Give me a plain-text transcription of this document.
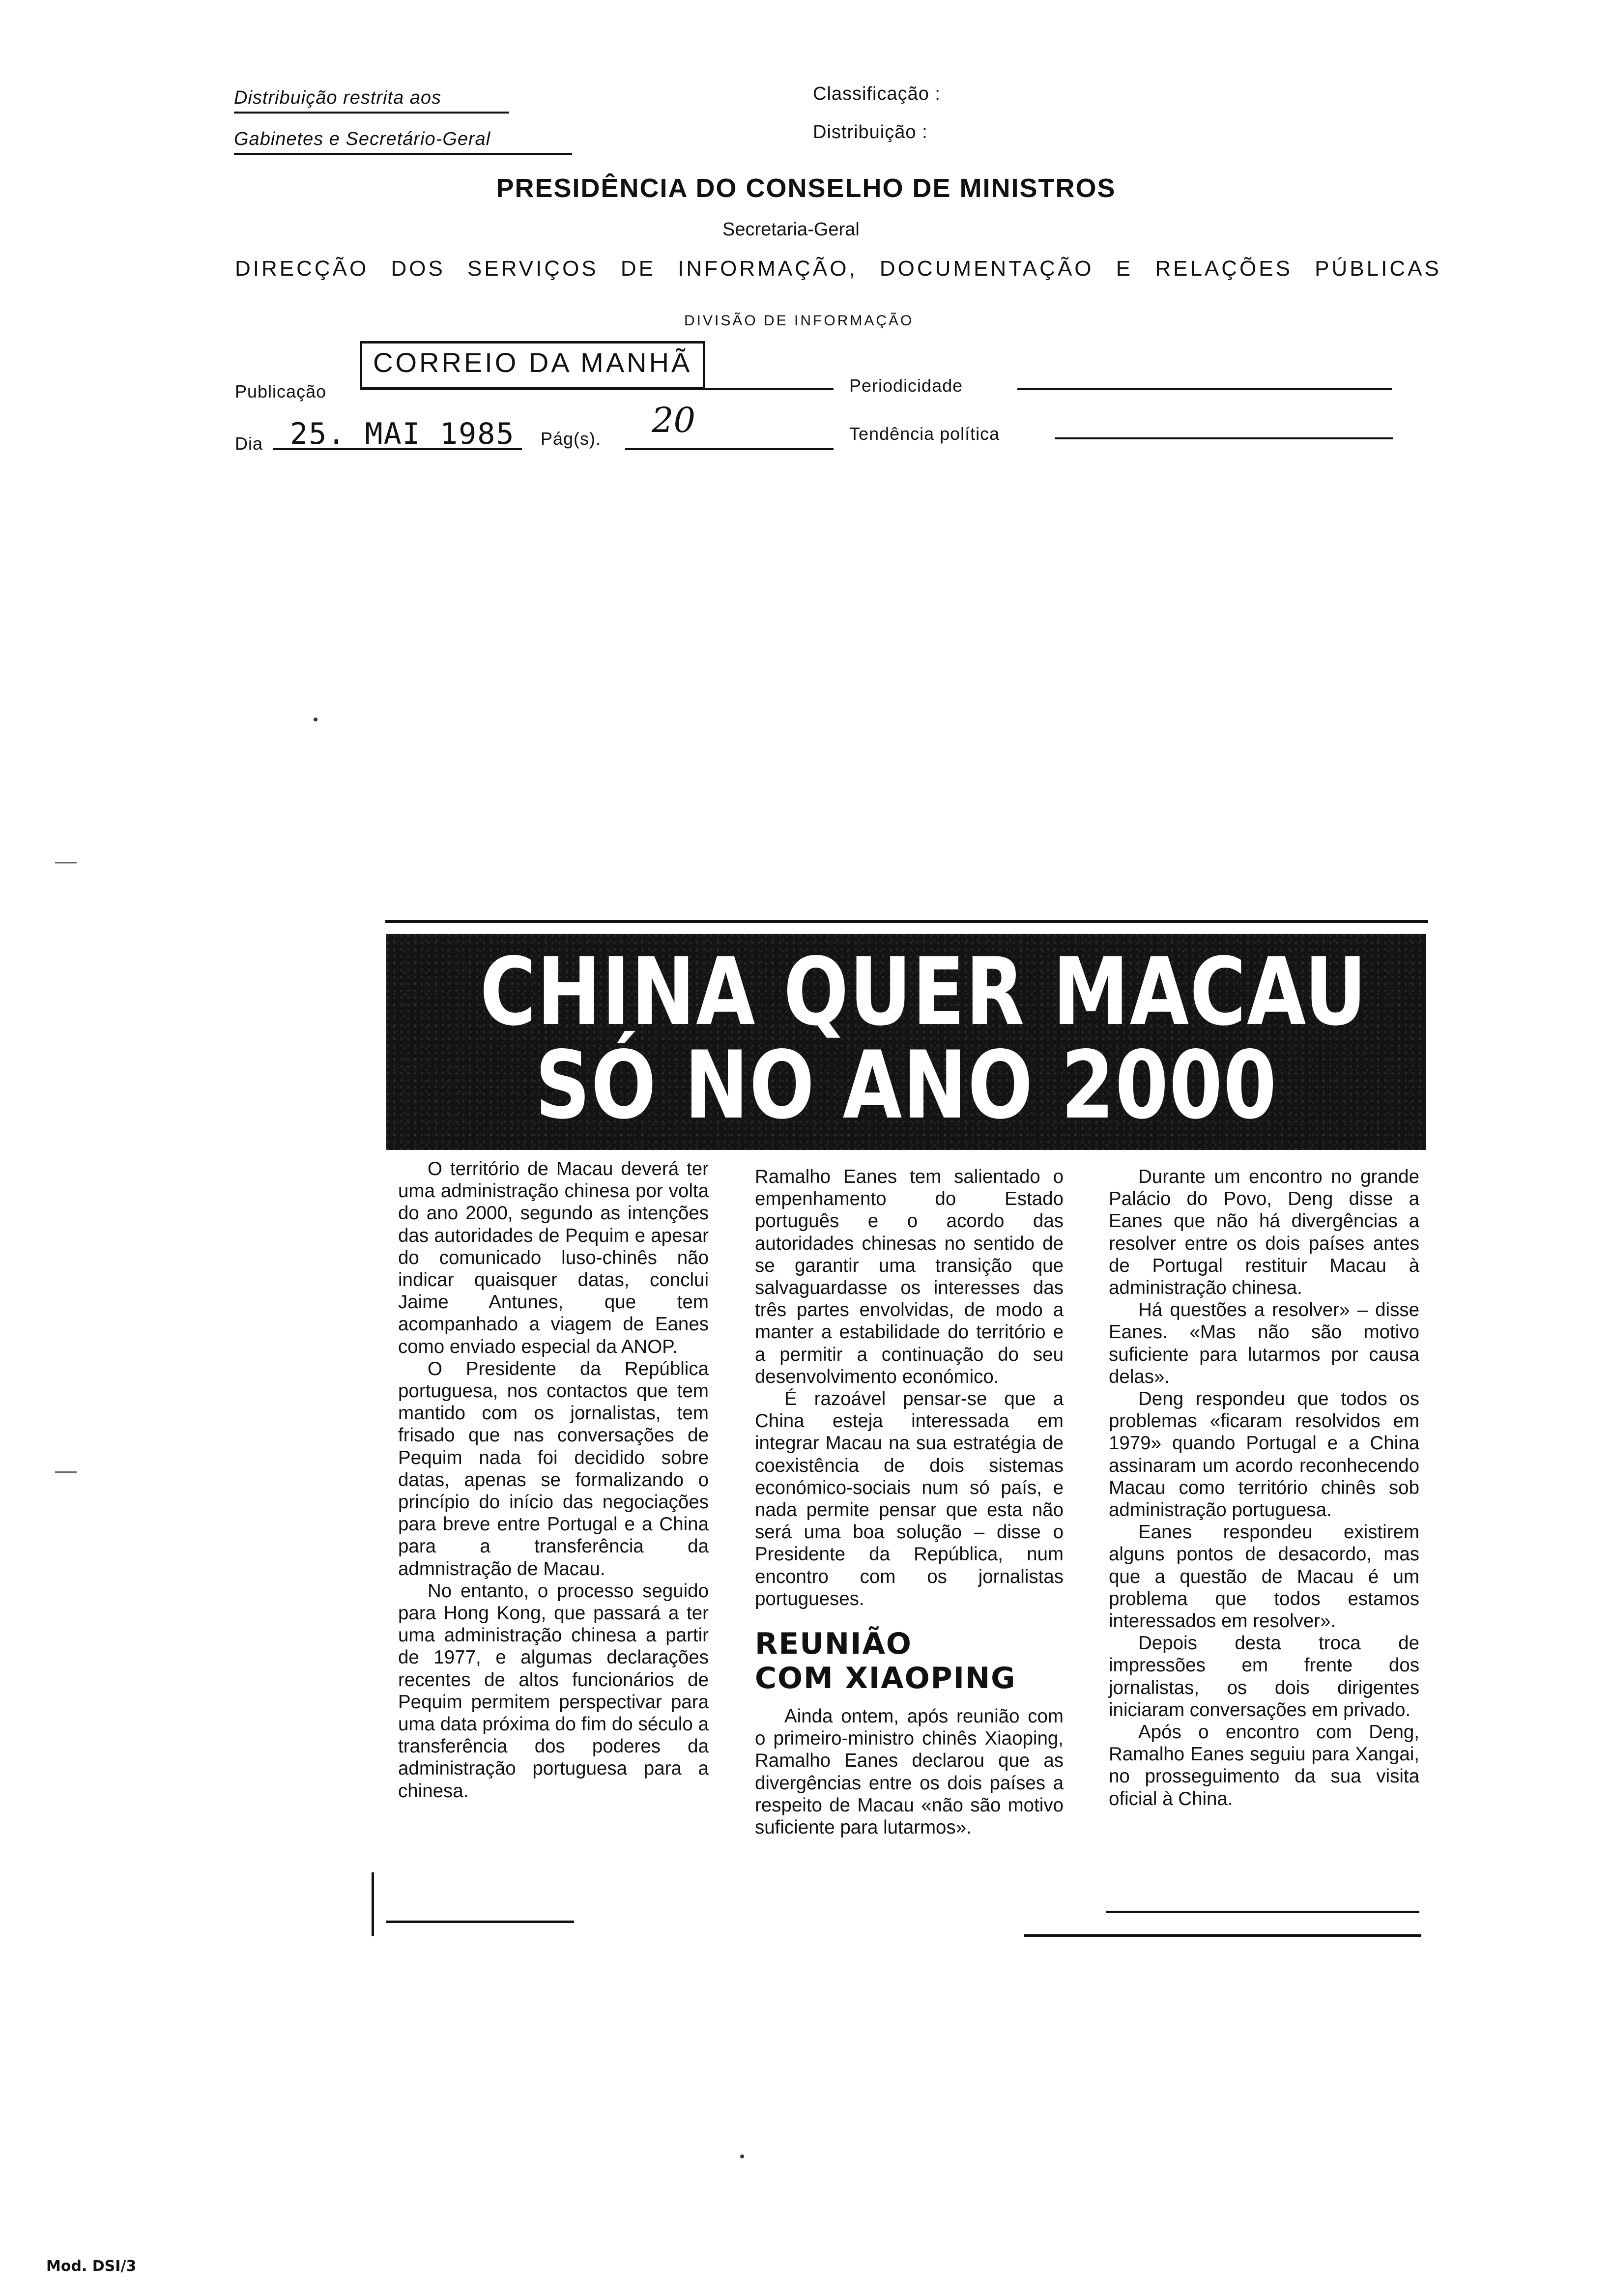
Distribuição restrita aos
Gabinetes e Secretário-Geral
Classificação :
Distribuição :
PRESIDÊNCIA DO CONSELHO DE MINISTROS
Secretaria-Geral
DIRECÇÃO DOS SERVIÇOS DE INFORMAÇÃO, DOCUMENTAÇÃO E RELAÇÕES PÚBLICAS
DIVISÃO DE INFORMAÇÃO
Publicação
CORREIO DA MANHÃ
Periodicidade
Dia 25. MAI 1985 Pág(s). 20	Tendência política
CHINA QUER MACAU
SÓ NO ANO 2000

O território de Macau deverá ter uma administração chinesa por volta do ano 2000, segundo as intenções das autoridades de Pequim e apesar do comunicado luso-chinês não indicar quaisquer datas, conclui Jaime Antunes, que tem acompanhado a viagem de Eanes como enviado especial da ANOP.

O Presidente da República portuguesa, nos contactos que tem mantido com os jornalistas, tem frisado que nas conversações de Pequim nada foi decidido sobre datas, apenas se formalizando o princípio do início das negociações para breve entre Portugal e a China para a transferência da admnistração de Macau.

No entanto, o processo seguido para Hong Kong, que passará a ter uma administração chinesa a partir de 1977, e algumas declarações recentes de altos funcionários de Pequim permitem perspectivar para uma data próxima do fim do século a transferência dos poderes da administração portuguesa para a chinesa.

Ramalho Eanes tem salientado o empenhamento do Estado português e o acordo das autoridades chinesas no sentido de se garantir uma transição que salvaguardasse os interesses das três partes envolvidas, de modo a manter a estabilidade do território e a permitir a continuação do seu desenvolvimento económico.

É razoável pensar-se que a China esteja interessada em integrar Macau na sua estratégia de coexistência de dois sistemas económico-sociais num só país, e nada permite pensar que esta não será uma boa solução – disse o Presidente da República, num encontro com os jornalistas portugueses.

REUNIÃO
COM XIAOPING

Ainda ontem, após reunião com o primeiro-ministro chinês Xiaoping, Ramalho Eanes declarou que as divergências entre os dois países a respeito de Macau «não são motivo suficiente para lutarmos».

Durante um encontro no grande Palácio do Povo, Deng disse a Eanes que não há divergências a resolver entre os dois países antes de Portugal restituir Macau à administração chinesa.

Há questões a resolver» – disse Eanes. «Mas não são motivo suficiente para lutarmos por causa delas».

Deng respondeu que todos os problemas «ficaram resolvidos em 1979» quando Portugal e a China assinaram um acordo reconhecendo Macau como território chinês sob administração portuguesa.

Eanes respondeu existirem alguns pontos de desacordo, mas que a questão de Macau é um problema que todos estamos interessados em resolver».

Depois desta troca de impressões em frente dos jornalistas, os dois dirigentes iniciaram conversações em privado.

Após o encontro com Deng, Ramalho Eanes seguiu para Xangai, no prosseguimento da sua visita oficial à China.

Mod. DSI/3
